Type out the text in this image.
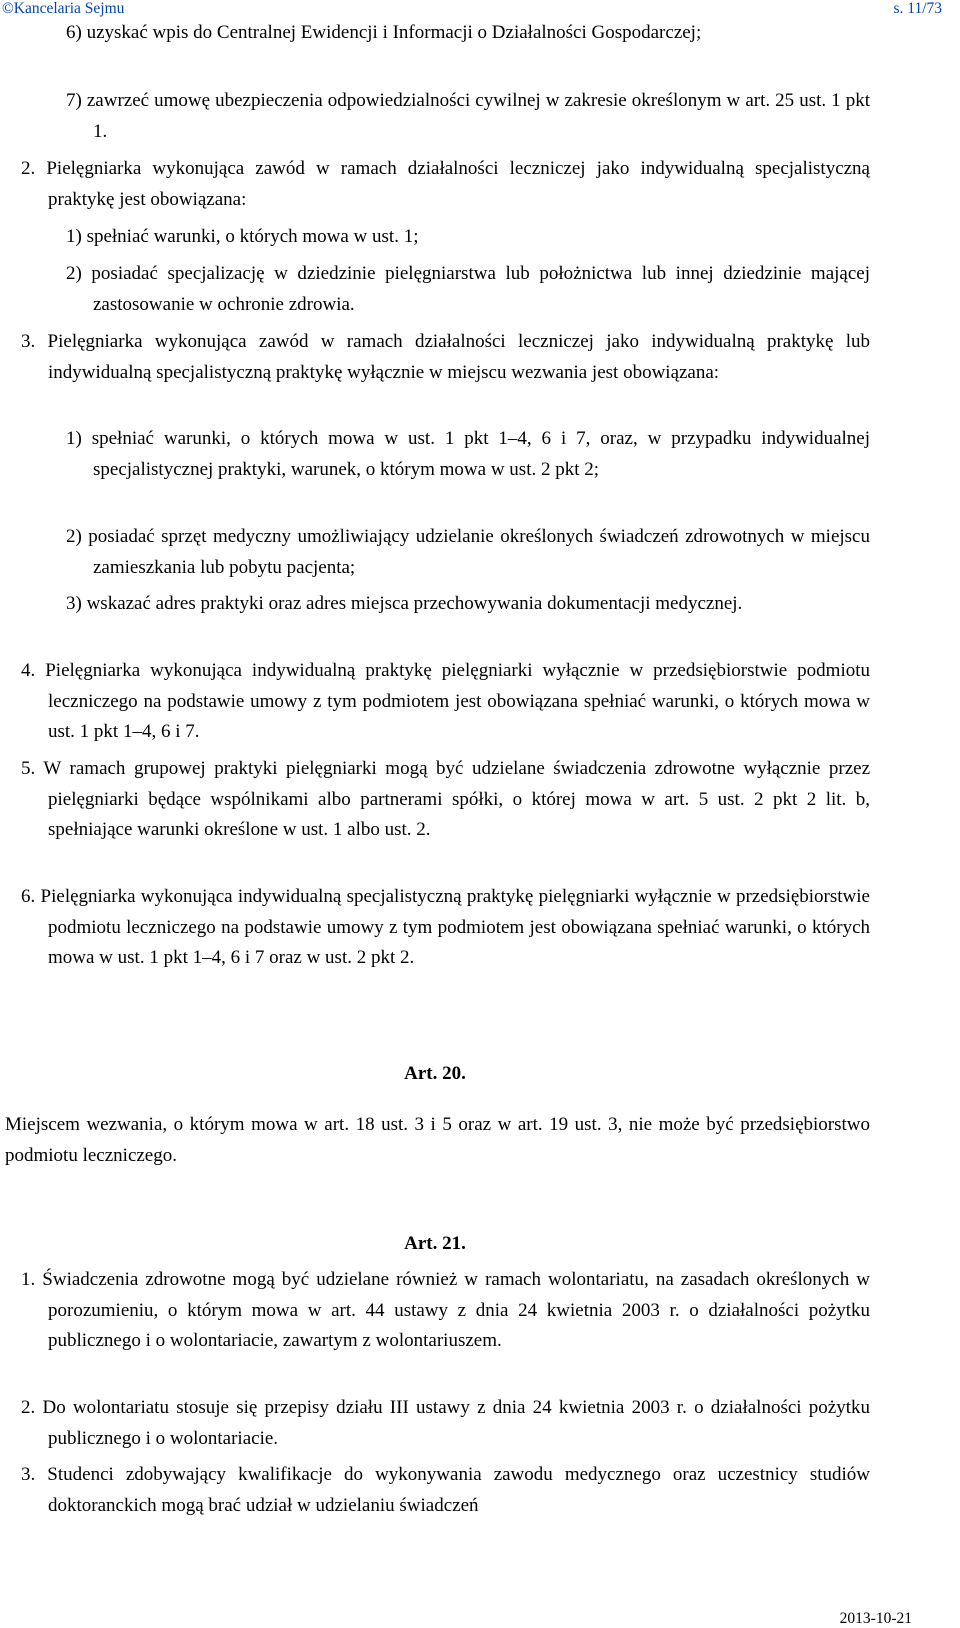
©Kancelaria Sejmu	s. 11/73

6) uzyskać wpis do Centralnej Ewidencji i Informacji o Działalności Gospodarczej;

7) zawrzeć umowę ubezpieczenia odpowiedzialności cywilnej w zakresie określonym w art. 25 ust. 1 pkt 1.

2. Pielęgniarka wykonująca zawód w ramach działalności leczniczej jako indywidualną specjalistyczną praktykę jest obowiązana:

1) spełniać warunki, o których mowa w ust. 1;

2) posiadać specjalizację w dziedzinie pielęgniarstwa lub położnictwa lub innej dziedzinie mającej zastosowanie w ochronie zdrowia.

3. Pielęgniarka wykonująca zawód w ramach działalności leczniczej jako indywidualną praktykę lub indywidualną specjalistyczną praktykę wyłącznie w miejscu wezwania jest obowiązana:

1) spełniać warunki, o których mowa w ust. 1 pkt 1–4, 6 i 7, oraz, w przypadku indywidualnej specjalistycznej praktyki, warunek, o którym mowa w ust. 2 pkt 2;

2) posiadać sprzęt medyczny umożliwiający udzielanie określonych świadczeń zdrowotnych w miejscu zamieszkania lub pobytu pacjenta;

3) wskazać adres praktyki oraz adres miejsca przechowywania dokumentacji medycznej.

4. Pielęgniarka wykonująca indywidualną praktykę pielęgniarki wyłącznie w przedsiębiorstwie podmiotu leczniczego na podstawie umowy z tym podmiotem jest obowiązana spełniać warunki, o których mowa w ust. 1 pkt 1–4, 6 i 7.

5. W ramach grupowej praktyki pielęgniarki mogą być udzielane świadczenia zdrowotne wyłącznie przez pielęgniarki będące wspólnikami albo partnerami spółki, o której mowa w art. 5 ust. 2 pkt 2 lit. b, spełniające warunki określone w ust. 1 albo ust. 2.

6. Pielęgniarka wykonująca indywidualną specjalistyczną praktykę pielęgniarki wyłącznie w przedsiębiorstwie podmiotu leczniczego na podstawie umowy z tym podmiotem jest obowiązana spełniać warunki, o których mowa w ust. 1 pkt 1–4, 6 i 7 oraz w ust. 2 pkt 2.

Art. 20.

Miejscem wezwania, o którym mowa w art. 18 ust. 3 i 5 oraz w art. 19 ust. 3, nie może być przedsiębiorstwo podmiotu leczniczego.

Art. 21.

1. Świadczenia zdrowotne mogą być udzielane również w ramach wolontariatu, na zasadach określonych w porozumieniu, o którym mowa w art. 44 ustawy z dnia 24 kwietnia 2003 r. o działalności pożytku publicznego i o wolontariacie, zawartym z wolontariuszem.

2. Do wolontariatu stosuje się przepisy działu III ustawy z dnia 24 kwietnia 2003 r. o działalności pożytku publicznego i o wolontariacie.

3. Studenci zdobywający kwalifikacje do wykonywania zawodu medycznego oraz uczestnicy studiów doktoranckich mogą brać udział w udzielaniu świadczeń

2013-10-21
